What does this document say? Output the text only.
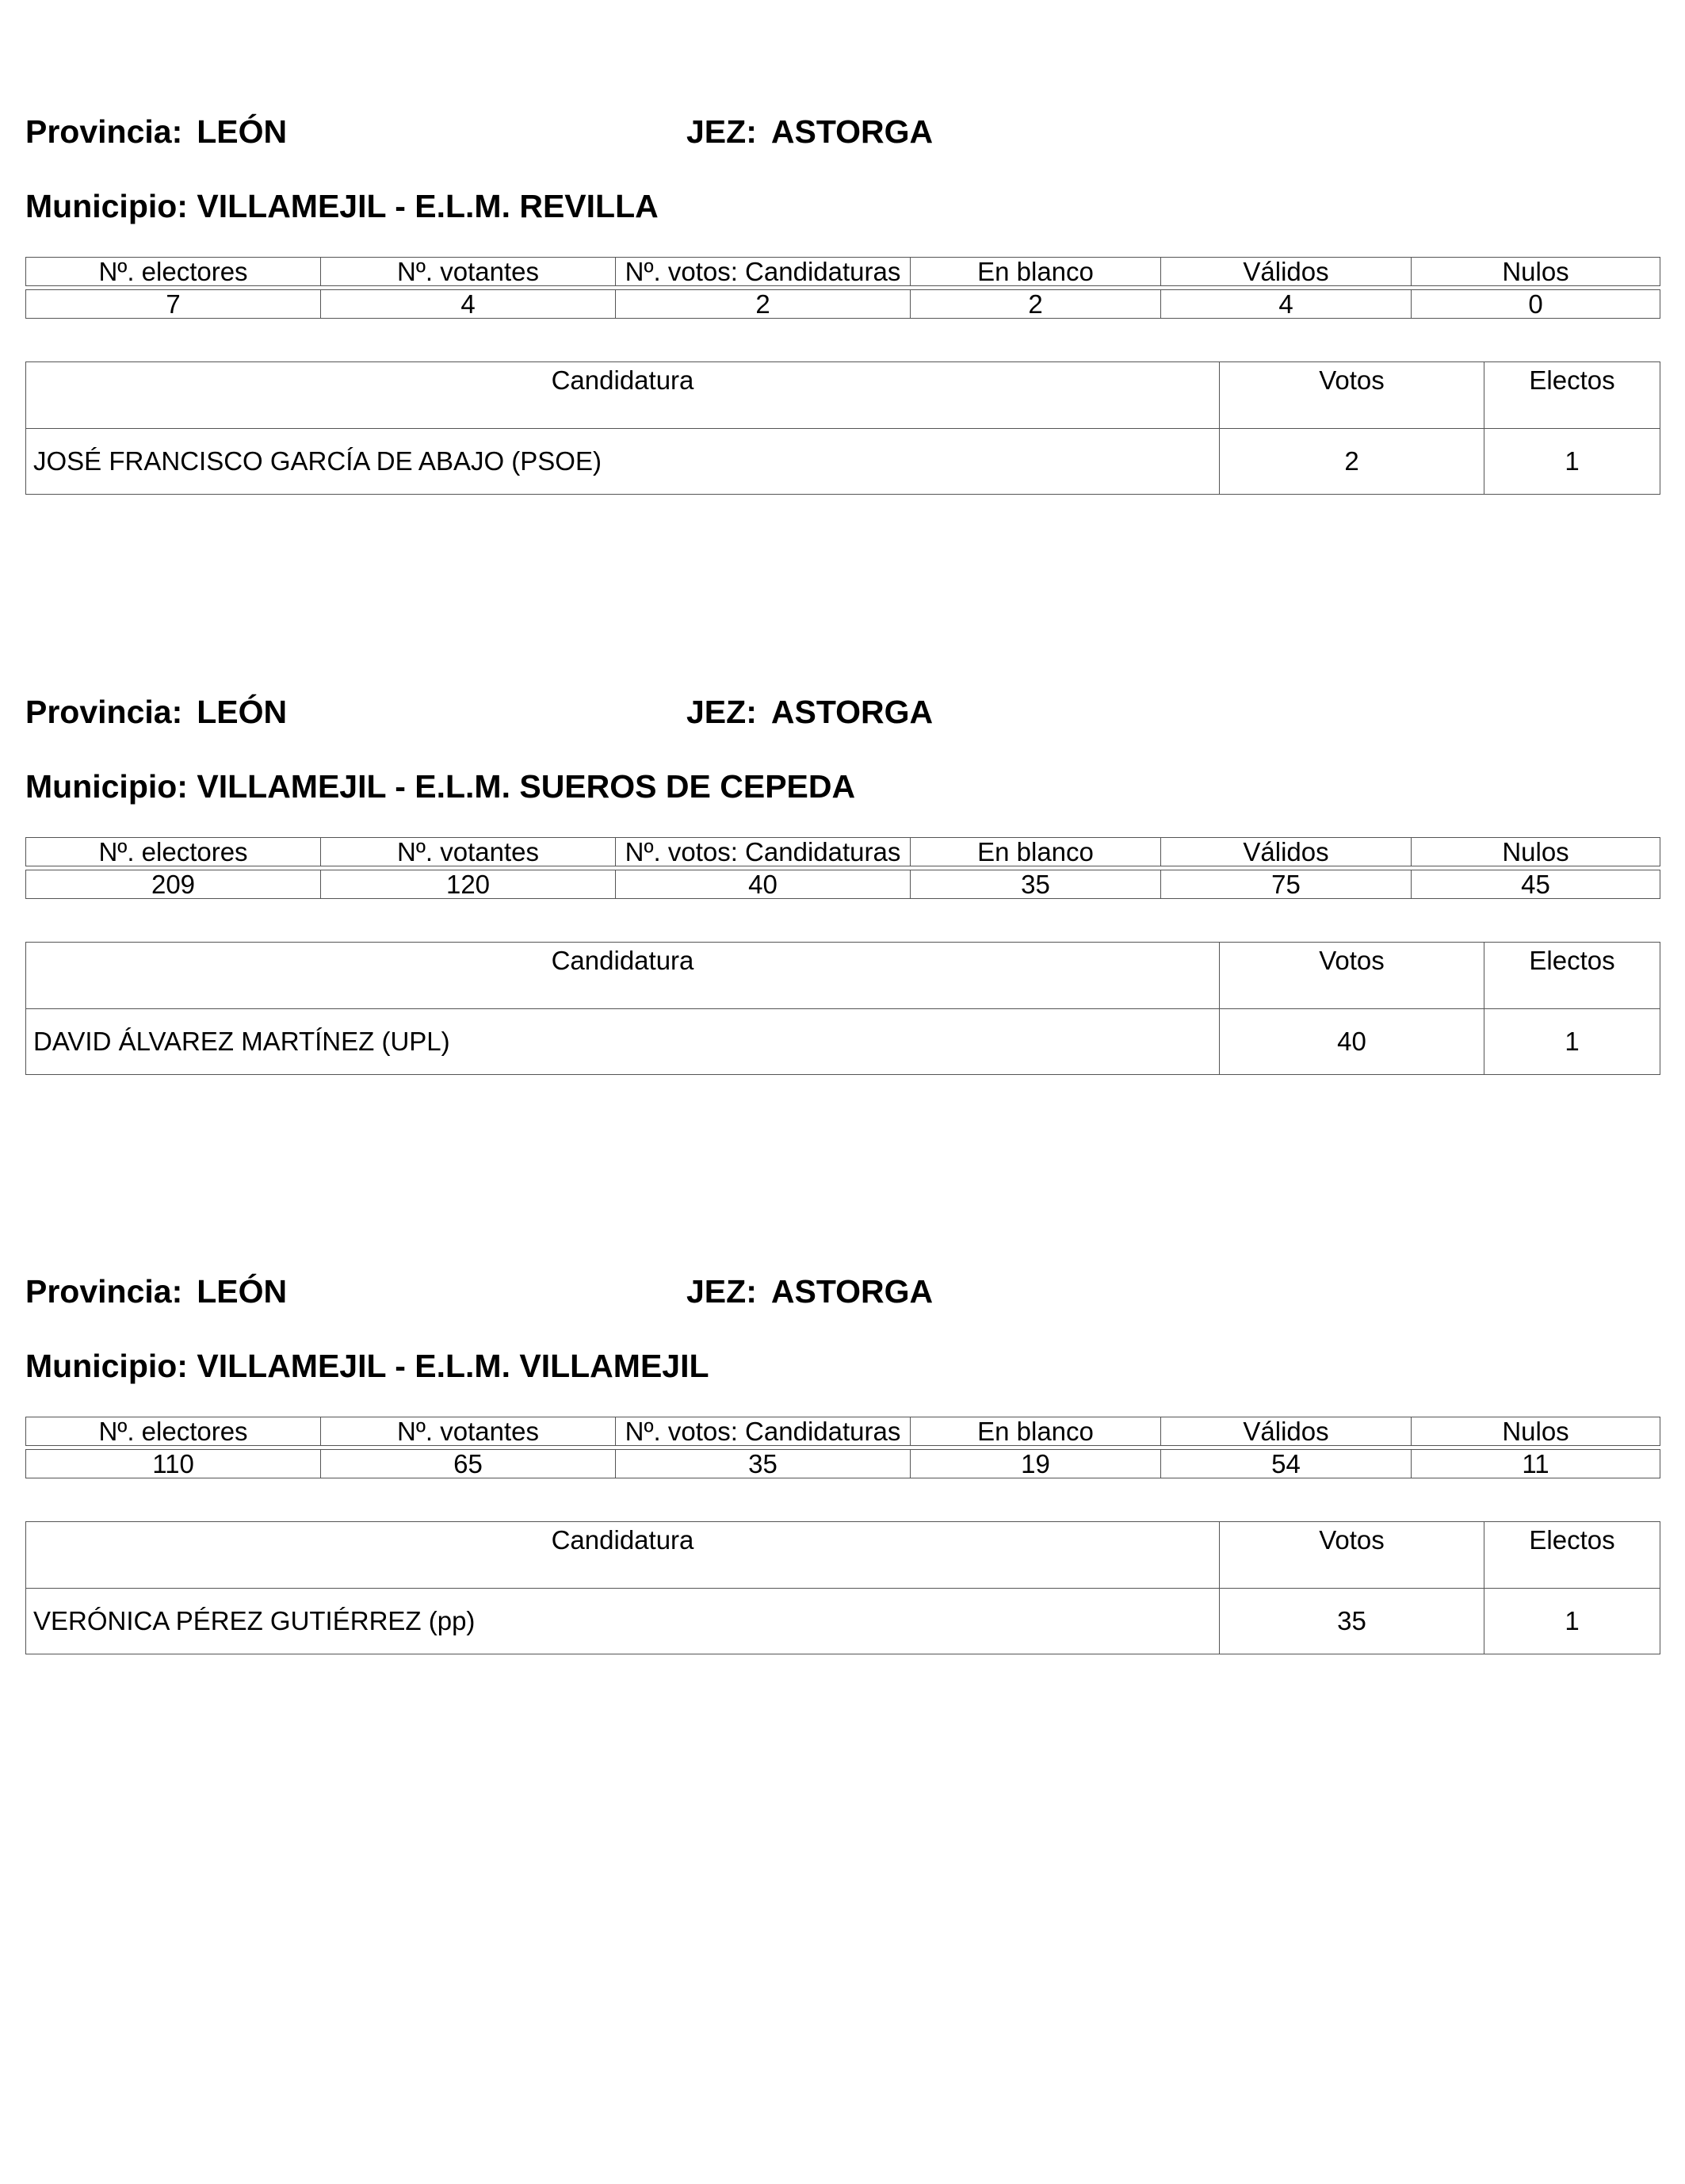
Provincia: LEÓN	JEZ: ASTORGA
Municipio: VILLAMEJIL - E.L.M. REVILLA
Nº. electores	Nº. votantes	Nº. votos: Candidaturas	En blanco	Válidos	Nulos

7	4	2	2	4	0
Candidatura	Votos	Electos
JOSÉ FRANCISCO GARCÍA DE ABAJO (PSOE)	2	1
Provincia: LEÓN	JEZ: ASTORGA
Municipio: VILLAMEJIL - E.L.M. SUEROS DE CEPEDA
Nº. electores	Nº. votantes	Nº. votos: Candidaturas	En blanco	Válidos	Nulos

209	120	40	35	75	45
Candidatura	Votos	Electos
DAVID ÁLVAREZ MARTÍNEZ (UPL)	40	1
Provincia: LEÓN	JEZ: ASTORGA
Municipio: VILLAMEJIL - E.L.M. VILLAMEJIL
Nº. electores	Nº. votantes	Nº. votos: Candidaturas	En blanco	Válidos	Nulos

110	65	35	19	54	11
Candidatura	Votos	Electos
VERÓNICA PÉREZ GUTIÉRREZ (pp)	35	1
